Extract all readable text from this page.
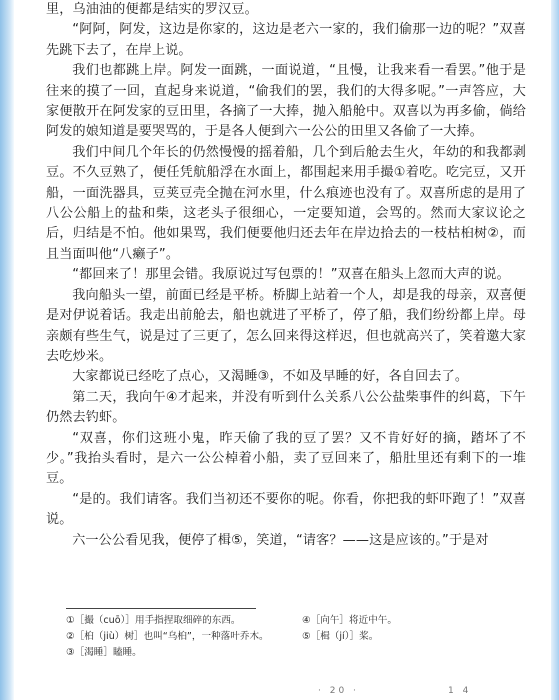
里，乌油油的便都是结实的罗汉豆。

“阿阿，阿发，这边是你家的，这边是老六一家的，我们偷那一边的呢？”双喜先跳下去了，在岸上说。

我们也都跳上岸。阿发一面跳，一面说道，“且慢，让我来看一看罢。”他于是往来的摸了一回，直起身来说道，“偷我们的罢，我们的大得多呢。”一声答应，大家便散开在阿发家的豆田里，各摘了一大捧，抛入船舱中。双喜以为再多偷，倘给阿发的娘知道是要哭骂的，于是各人便到六一公公的田里又各偷了一大捧。

我们中间几个年长的仍然慢慢的摇着船，几个到后舱去生火，年幼的和我都剥豆。不久豆熟了，便任凭航船浮在水面上，都围起来用手撮①着吃。吃完豆，又开船，一面洗器具，豆荚豆壳全抛在河水里，什么痕迹也没有了。双喜所虑的是用了八公公船上的盐和柴，这老头子很细心，一定要知道，会骂的。然而大家议论之后，归结是不怕。他如果骂，我们便要他归还去年在岸边拾去的一枝枯桕树②，而且当面叫他“八癞子”。

“都回来了！那里会错。我原说过写包票的！”双喜在船头上忽而大声的说。

我向船头一望，前面已经是平桥。桥脚上站着一个人，却是我的母亲，双喜便是对伊说着话。我走出前舱去，船也就进了平桥了，停了船，我们纷纷都上岸。母亲颇有些生气，说是过了三更了，怎么回来得这样迟，但也就高兴了，笑着邀大家去吃炒米。

大家都说已经吃了点心，又渴睡③，不如及早睡的好，各自回去了。

第二天，我向午④才起来，并没有听到什么关系八公公盐柴事件的纠葛，下午仍然去钓虾。

“双喜，你们这班小鬼，昨天偷了我的豆了罢？又不肯好好的摘，踏坏了不少。”我抬头看时，是六一公公棹着小船，卖了豆回来了，船肚里还有剩下的一堆豆。

“是的。我们请客。我们当初还不要你的呢。你看，你把我的虾吓跑了！”双喜说。

六一公公看见我，便停了楫⑤，笑道，“请客？——这是应该的。”于是对

①［撮（cuō）］用手指捏取细碎的东西。	④［向午］将近中午。
②［桕（jiù）树］也叫“乌桕”，一种落叶乔木。	⑤［楫（jí）］桨。
③［渴睡］瞌睡。
· 20 ·	1 4
